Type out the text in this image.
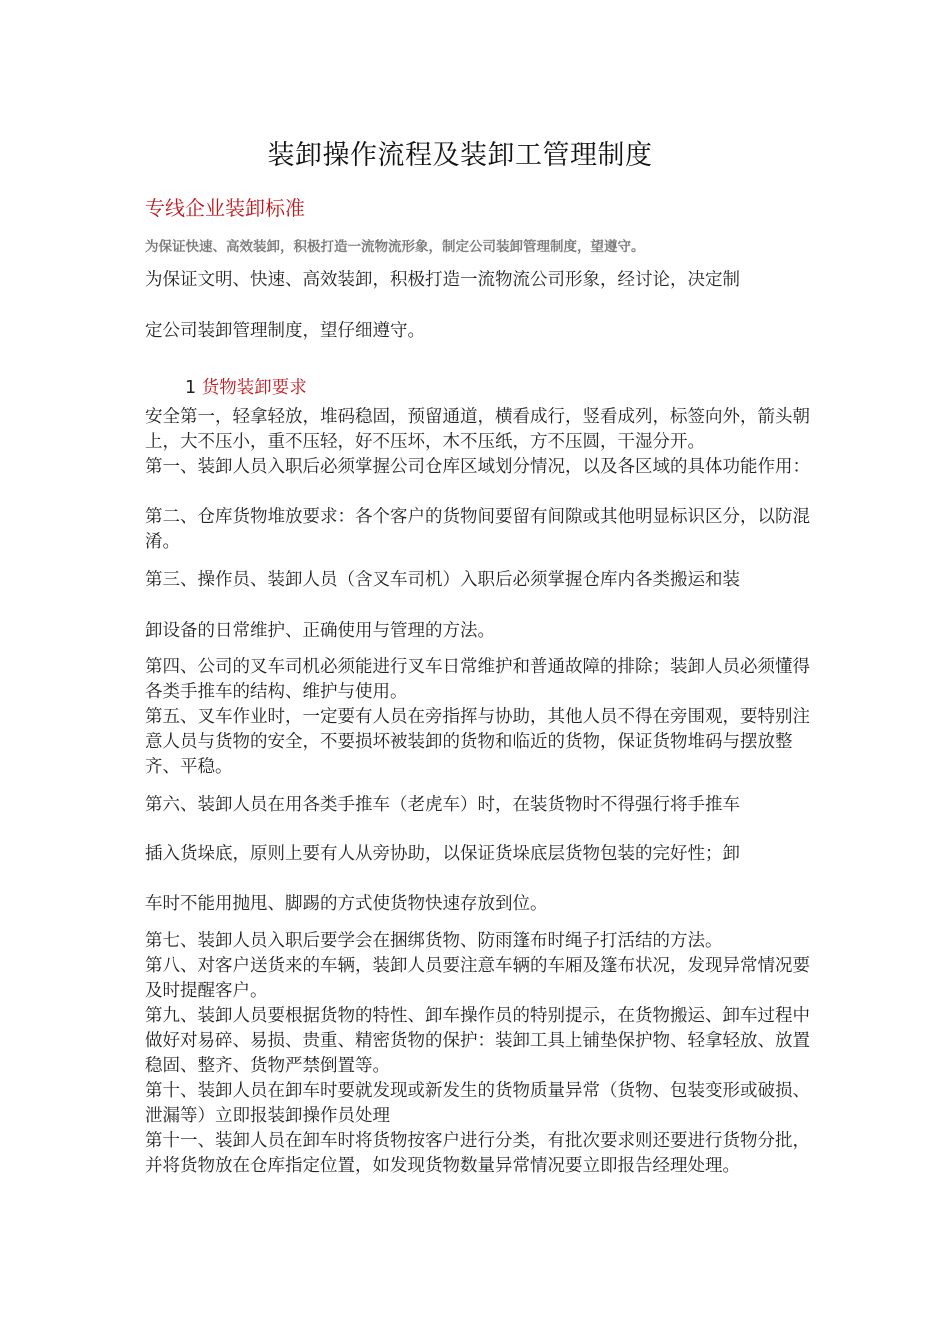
装卸操作流程及装卸工管理制度
专线企业装卸标准
为保证快速、高效装卸，积极打造一流物流形象，制定公司装卸管理制度，望遵守。

为保证文明、快速、高效装卸，积极打造一流物流公司形象，经讨论，决定制

定公司装卸管理制度，望仔细遵守。

1 货物装卸要求

安全第一，轻拿轻放，堆码稳固，预留通道，横看成行，竖看成列，标签向外，箭头朝上，大不压小，重不压轻，好不压坏，木不压纸，方不压圆，干湿分开。

第一、装卸人员入职后必须掌握公司仓库区域划分情况，以及各区域的具体功能作用：

第二、仓库货物堆放要求：各个客户的货物间要留有间隙或其他明显标识区分，以防混淆。

第三、操作员、装卸人员（含叉车司机）入职后必须掌握仓库内各类搬运和装

卸设备的日常维护、正确使用与管理的方法。

第四、公司的叉车司机必须能进行叉车日常维护和普通故障的排除；装卸人员必须懂得各类手推车的结构、维护与使用。

第五、叉车作业时，一定要有人员在旁指挥与协助，其他人员不得在旁围观，要特别注意人员与货物的安全，不要损坏被装卸的货物和临近的货物，保证货物堆码与摆放整齐、平稳。

第六、装卸人员在用各类手推车（老虎车）时，在装货物时不得强行将手推车

插入货垛底，原则上要有人从旁协助，以保证货垛底层货物包装的完好性；卸

车时不能用抛甩、脚踢的方式使货物快速存放到位。

第七、装卸人员入职后要学会在捆绑货物、防雨篷布时绳子打活结的方法。

第八、对客户送货来的车辆，装卸人员要注意车辆的车厢及篷布状况，发现异常情况要及时提醒客户。

第九、装卸人员要根据货物的特性、卸车操作员的特别提示，在货物搬运、卸车过程中做好对易碎、易损、贵重、精密货物的保护：装卸工具上铺垫保护物、轻拿轻放、放置稳固、整齐、货物严禁倒置等。

第十、装卸人员在卸车时要就发现或新发生的货物质量异常（货物、包装变形或破损、泄漏等）立即报装卸操作员处理

第十一、装卸人员在卸车时将货物按客户进行分类，有批次要求则还要进行货物分批，并将货物放在仓库指定位置，如发现货物数量异常情况要立即报告经理处理。
